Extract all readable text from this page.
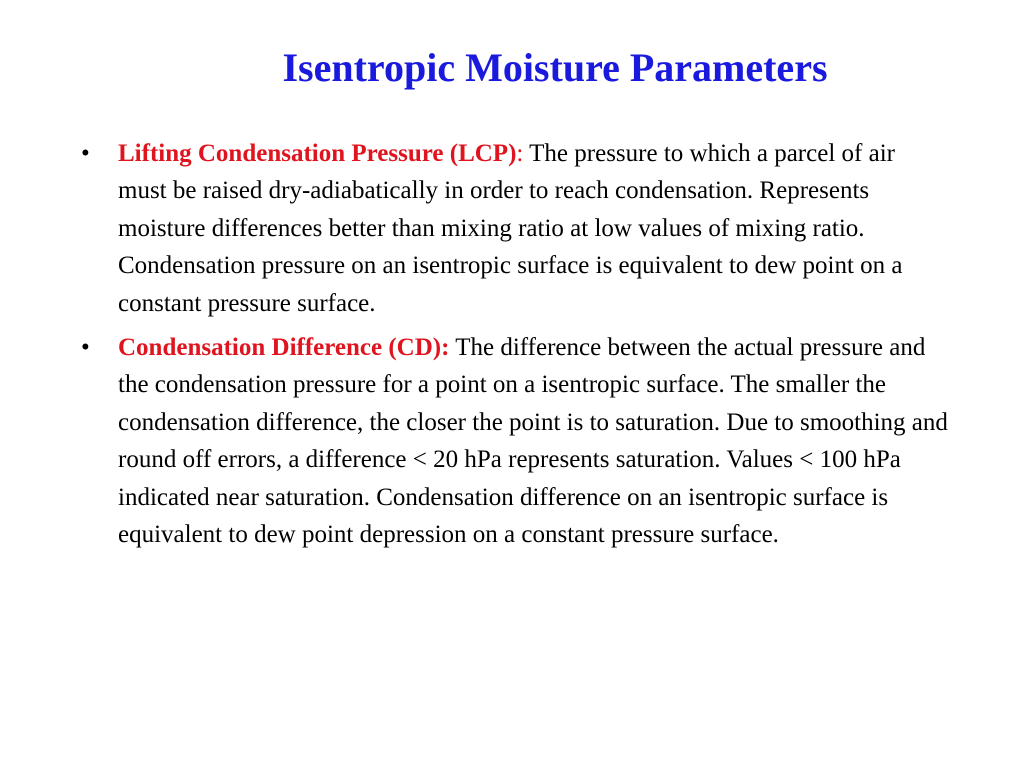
Isentropic Moisture Parameters
• Lifting Condensation Pressure (LCP): The pressure to which a parcel of air must be raised dry-adiabatically in order to reach condensation. Represents moisture differences better than mixing ratio at low values of mixing ratio. Condensation pressure on an isentropic surface is equivalent to dew point on a constant pressure surface.
• Condensation Difference (CD): The difference between the actual pressure and the condensation pressure for a point on a isentropic surface. The smaller the condensation difference, the closer the point is to saturation. Due to smoothing and round off errors, a difference < 20 hPa represents saturation. Values < 100 hPa indicated near saturation. Condensation difference on an isentropic surface is equivalent to dew point depression on a constant pressure surface.
